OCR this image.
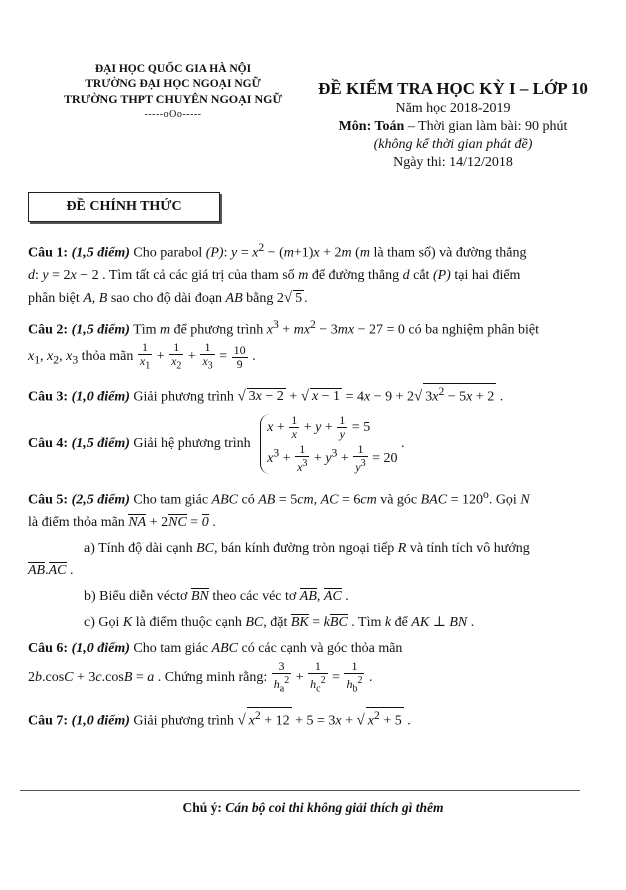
ĐẠI HỌC QUỐC GIA HÀ NỘI
TRƯỜNG ĐẠI HỌC NGOẠI NGỮ
TRƯỜNG THPT CHUYÊN NGOẠI NGỮ
-----oOo-----
ĐỀ KIỂM TRA HỌC KỲ I – LỚP 10
Năm học 2018-2019
Môn: Toán – Thời gian làm bài: 90 phút
(không kể thời gian phát đề)
Ngày thi: 14/12/2018
ĐỀ CHÍNH THỨC
Câu 1: (1,5 điểm) Cho parabol (P): $y = x^2 - (m+1)x + 2m$ (m là tham số) và đường thẳng
d: y = 2x − 2 . Tìm tất cả các giá trị của tham số m để đường thẳng d cắt (P) tại hai điểm
phân biệt A, B sao cho độ dài đoạn AB bằng 2√ 5 .
Câu 2: (1,5 điểm) Tìm m để phương trình $x^3 + mx^2 - 3mx - 27 = 0$ có ba nghiệm phân biệt
$x_1$, $x_2$, $x_3$ thỏa mãn $\frac{1}{x_1} + \frac{1}{x_2} + \frac{1}{x_3} = \frac{10}{9}$ .
Câu 3: (1,0 điểm) Giải phương trình √ 3x − 2 + √ x − 1 = 4x − 9 + 2√ $3x^2 - 5x + 2$ .
Câu 4: (1,5 điểm) Giải hệ phương trình $x + \frac{1}{x} + y + \frac{1}{y} = 5$
$x^3 + \frac{1}{x^3} + y^3 + \frac{1}{y^3} = 20$ .
Câu 5: (2,5 điểm) Cho tam giác ABC có AB = 5cm, AC = 6cm và góc BAC = $120^o$. Gọi N
là điểm thỏa mãn NA + 2NC = 0 .
a) Tính độ dài cạnh BC, bán kính đường tròn ngoại tiếp R và tính tích vô hướng
AB.AC .
b) Biểu diễn véctơ BN theo các véc tơ AB, AC .
c) Gọi K là điểm thuộc cạnh BC, đặt BK = kBC . Tìm k để AK ⊥ BN .
Câu 6: (1,0 điểm) Cho tam giác ABC có các cạnh và góc thỏa mãn
2b.cosC + 3c.cosB = a . Chứng minh rằng: $\frac{3}{h_a^2} + \frac{1}{h_c^2} = \frac{1}{h_b^2}$ .
Câu 7: (1,0 điểm) Giải phương trình √ $x^2 + 12 + 5 = 3x$ + √ $x^2 + 5$ .
Chú ý: Cán bộ coi thi không giải thích gì thêm
